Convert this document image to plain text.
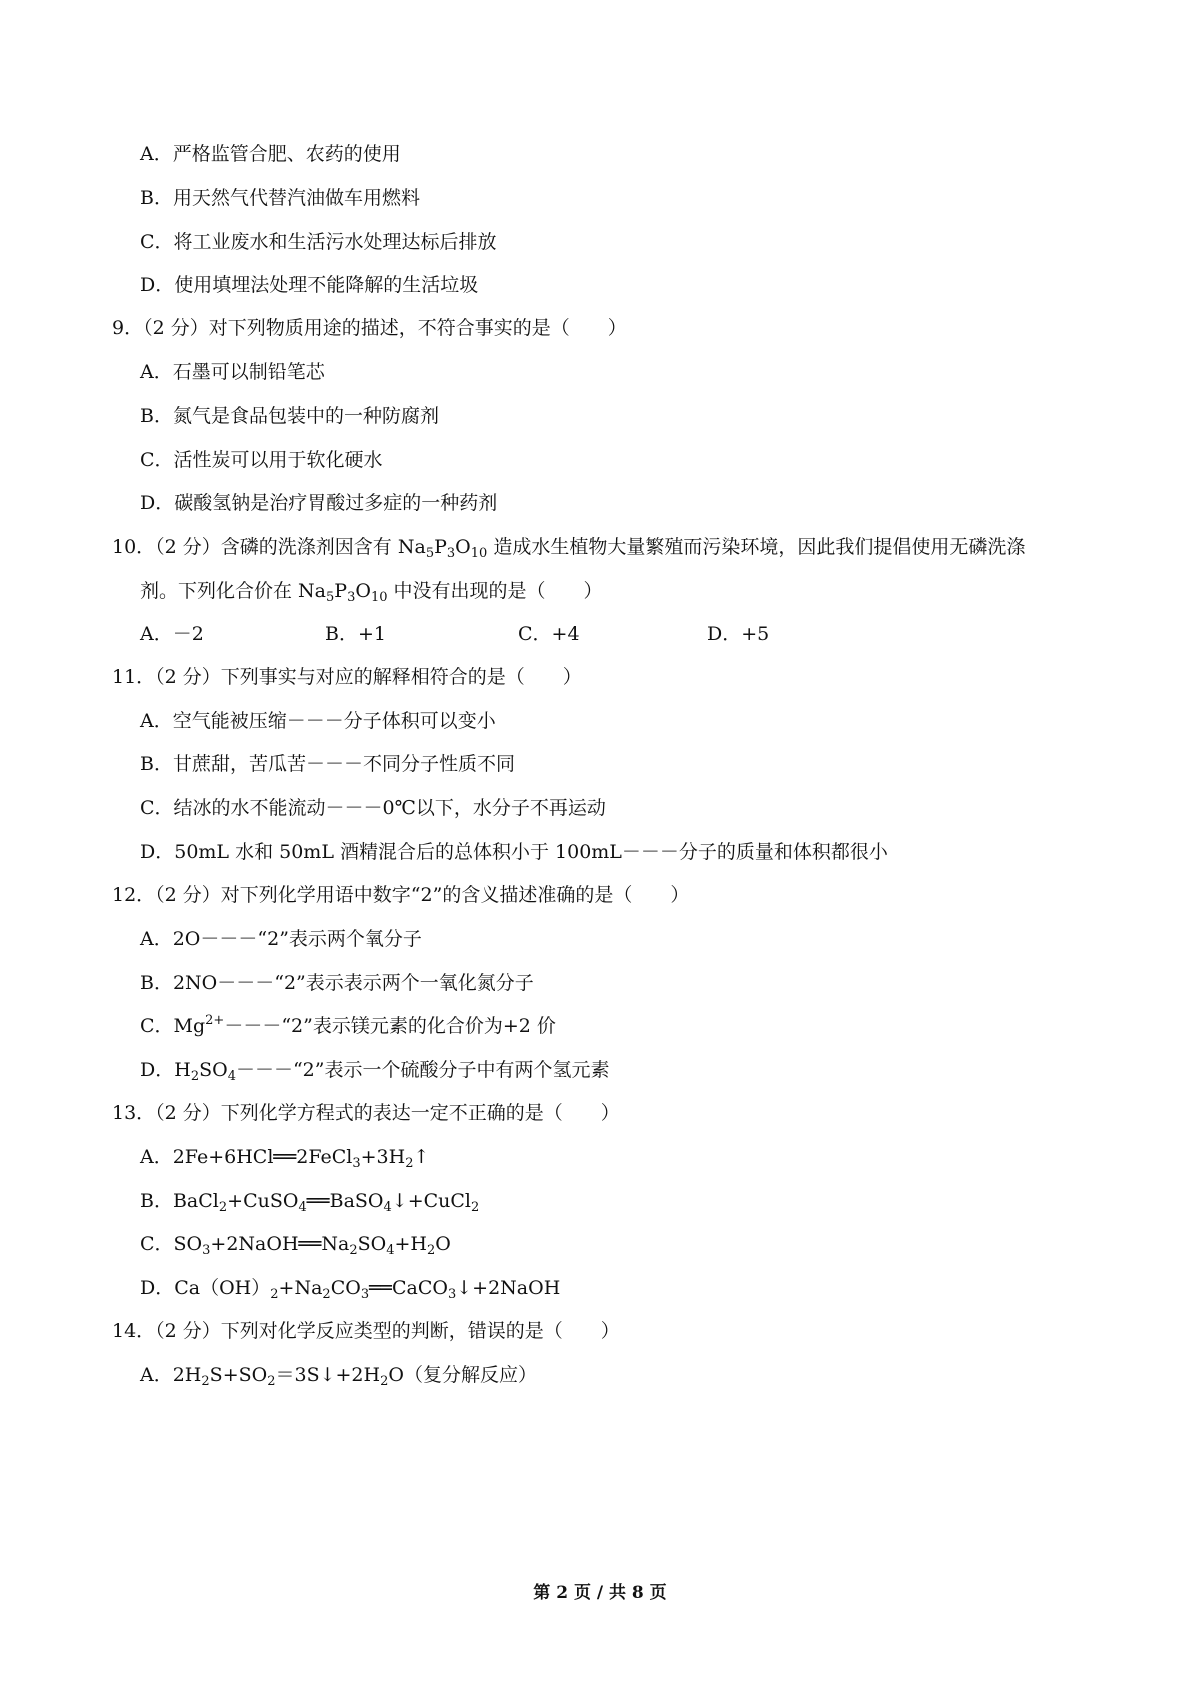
A．严格监管合肥、农药的使用
B．用天然气代替汽油做车用燃料
C．将工业废水和生活污水处理达标后排放
D．使用填埋法处理不能降解的生活垃圾
9．（2 分）对下列物质用途的描述，不符合事实的是（　　）
A．石墨可以制铅笔芯
B．氮气是食品包装中的一种防腐剂
C．活性炭可以用于软化硬水
D．碳酸氢钠是治疗胃酸过多症的一种药剂
10．（2 分）含磷的洗涤剂因含有 $Na_5P_3O_{10}$ 造成水生植物大量繁殖而污染环境，因此我们提倡使用无磷洗涤
剂。下列化合价在 $Na_5P_3O_{10}$ 中没有出现的是（　　）
A．－2	B．+1	C．+4	D．+5
11．（2 分）下列事实与对应的解释相符合的是（　　）
A．空气能被压缩－－－分子体积可以变小
B．甘蔗甜，苦瓜苦－－－不同分子性质不同
C．结冰的水不能流动－－－0℃以下，水分子不再运动
D．50mL 水和 50mL 酒精混合后的总体积小于 100mL－－－分子的质量和体积都很小
12．（2 分）对下列化学用语中数字“2”的含义描述准确的是（　　）
A．2O－－－“2”表示两个氧分子
B．2NO－－－“2”表示表示两个一氧化氮分子
C．$Mg^{2+}---“2$”表示镁元素的化合价为+2 价
D．$H_2SO_4---“2$”表示一个硫酸分子中有两个氢元素
13．（2 分）下列化学方程式的表达一定不正确的是（　　）
A．$2Fe+6HCl══2FeCl_3+3H_2↑$
B．BaCl$_2$+CuSO$_4$══BaSO$_4$↓+CuCl$_2$
C．$SO_3+2NaOH══Na_2SO_4+H_2O$
D．$Ca(OH)_2+Na_2CO_3══CaCO_3↓+2NaOH$
14．（2 分）下列对化学反应类型的判断，错误的是（　　）
A．$2H_2S+SO_2=3S↓+2H_2O$（复分解反应）
第 2 页 / 共 8 页
